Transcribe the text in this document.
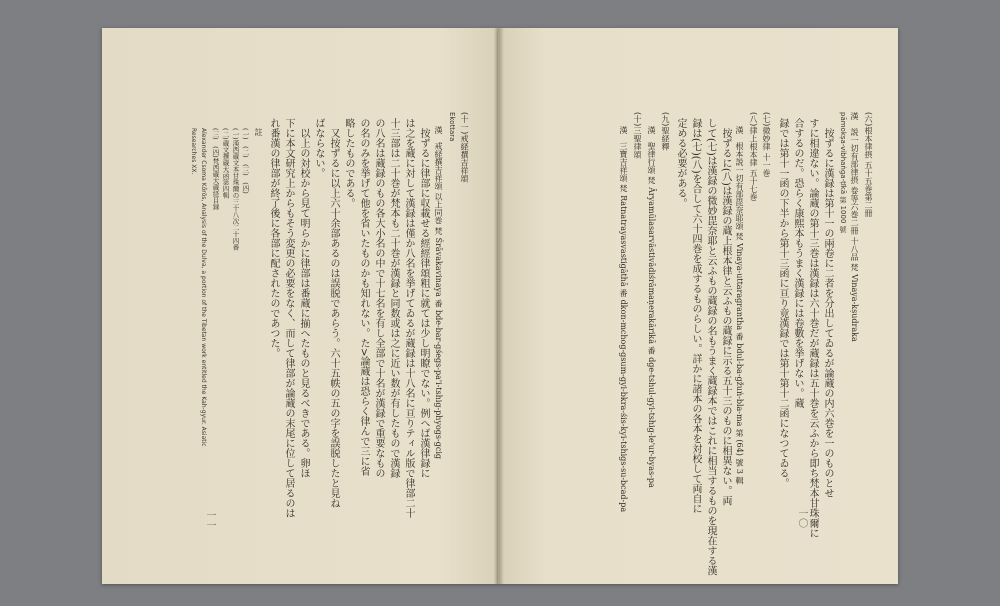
(六)根本律摂 五十五巻第二冊
漢　説一切有部律摂 卷等六巻二冊 十八品 梵 Vinaya-kṣudraka
pāmokṣa-vibhaṅga-ṭīkā 第 1000 號
按ずるに漢録は第十一の兩卷に二者を分出してゐるが論蔵の内六巻を一のものとせ
すに相違ない。論蔵の第十三巻は漢録は六十巻だが蔵録は五十巻を云ふから即ち梵本甘珠爾に
合するのだ。恐らく康熙本もうまく漢録には卷數を挙げない。蔵
録では第十一函の下半から第十三函に亘り竟漢録では第十第十二函になつてゐる。
(七)微妙律 十一巻
(八)律上根本律 五十七巻
漢　根本説一切有部毘奈耶頌 梵 Vinaya-uttaragrantha 番 bdul-ba-gžuṅ-bla-ma 第 (64) 號 3 輯
按ずるに(八)は漢録の蔵上根本律と云ふもの蔵録に示る五十三のものに相異ない。両
して(七)は漢録の微妙毘奈耶と云ふもの蔵録の名もうまく蔵録本ではこれに相当するものを現在する漢
録は(七)(八)を合して六十四巻を成するものらしい。詳かに諸本の各本を対校して両自に
定める必要がある。
(九)聖経釋
漢　聖律行頌 梵 Āryamūlasarvāstivādiśrāmaṇerakārikā 番 dge-tshul-gyi-tshig-le'ur-byas-pa
(十)三聖律頌
漢　三寶吉祥頌 梵 Ratnatrayasvastigāthā 番 dkon-mchog-gsum-gyi-bkra-śis-kyi-tshigs-su-bcad-pa
一〇
(十一)戒経撰吉祥頌
Ekottara
漢　戒経撰吉祥頌 以上同巻 梵 Śrāvakavinaya 番 bde-bar-gśegs-pa'i-tshig-phyogs-gcig
按ずるに律部に収載せる經經律頌粗に就ては少し明瞭でない。例へば漢律録に
は之を蔵に対して漢録は僅か八名を挙げてゐるが蔵録は十八名に亘りティル版で律部二十
十三部は二十巻が梵本も二十巻が漢録と同数或は之に近い数が有したもので漢録
の八名は蔵録のもの各大小名の中で十七名を有し全部で十名が漢録で重要なもの
の名のみを挙げて他を省いたものかも知れない。た>論蔵は恐らく律んで三に省
略したものである。
又按ずるに以上六十余部あるのは誤脱であらう。六十五帙の五の字を誤脱したと見ね
ばならない。
以上の対校から見て明らかに律部は番蔵に揃へたものと見るべきである。卵ほ
下に本文研究上からもそう変更の必要をなく、而して律部が論蔵の末尾に位して居るのは
れ番漢の律部が終了後に各部に配されたのであつた。
註
(一)　(二)　(三)　(四)
(一)漢西蔵文本甘珠爾の三十八次二十四番
(二)蔵文撰蔵大函第四輯
(三)　(四)梵西蔵大蔵経目録
Alexander Csoma Kőrös, Analysis of the Dulva, a portion of the Tibetan work entitled the Kah-gyur. Asiatic
Researches XX.
一一
